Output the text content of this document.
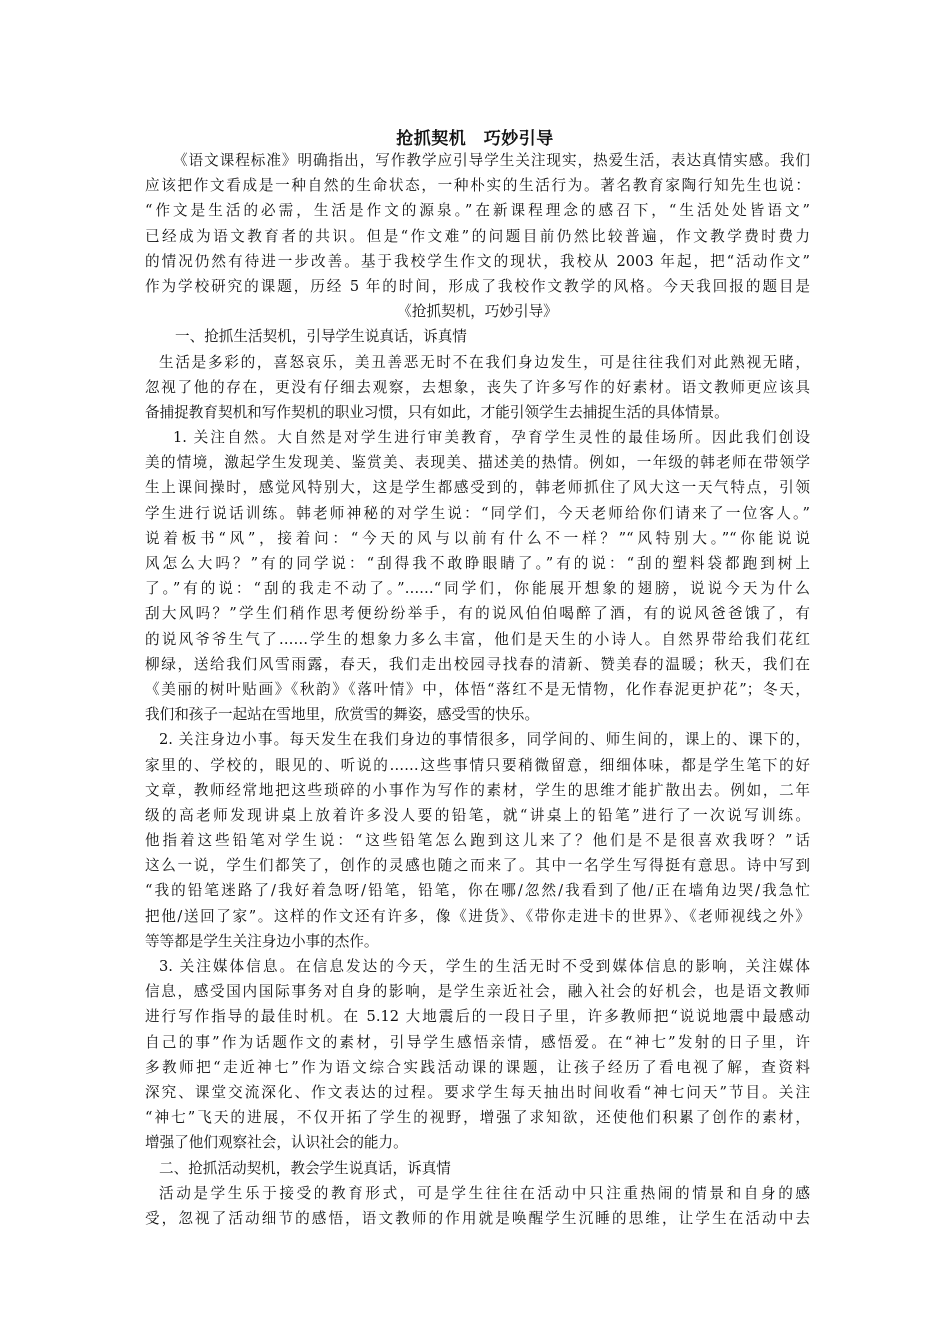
抢抓契机　巧妙引导
《语文课程标准》明确指出，写作教学应引导学生关注现实，热爱生活，表达真情实感。我们
应该把作文看成是一种自然的生命状态，一种朴实的生活行为。著名教育家陶行知先生也说：
“作文是生活的必需，生活是作文的源泉。”在新课程理念的感召下，“生活处处皆语文”
已经成为语文教育者的共识。但是“作文难”的问题目前仍然比较普遍，作文教学费时费力
的情况仍然有待进一步改善。基于我校学生作文的现状，我校从 2003 年起，把“活动作文”
作为学校研究的课题，历经 5 年的时间，形成了我校作文教学的风格。今天我回报的题目是
《抢抓契机，巧妙引导》
一、抢抓生活契机，引导学生说真话，诉真情
生活是多彩的，喜怒哀乐，美丑善恶无时不在我们身边发生，可是往往我们对此熟视无睹，
忽视了他的存在，更没有仔细去观察，去想象，丧失了许多写作的好素材。语文教师更应该具
备捕捉教育契机和写作契机的职业习惯，只有如此，才能引领学生去捕捉生活的具体情景。
1. 关注自然。大自然是对学生进行审美教育，孕育学生灵性的最佳场所。因此我们创设
美的情境，激起学生发现美、鉴赏美、表现美、描述美的热情。例如，一年级的韩老师在带领学
生上课间操时，感觉风特别大，这是学生都感受到的，韩老师抓住了风大这一天气特点，引领
学生进行说话训练。韩老师神秘的对学生说：“同学们，今天老师给你们请来了一位客人。”
说着板书“风”，接着问：“今天的风与以前有什么不一样？”“风特别大。”“你能说说
风怎么大吗？”有的同学说：“刮得我不敢睁眼睛了。”有的说：“刮的塑料袋都跑到树上
了。”有的说：“刮的我走不动了。”……“同学们，你能展开想象的翅膀，说说今天为什么
刮大风吗？”学生们稍作思考便纷纷举手，有的说风伯伯喝醉了酒，有的说风爸爸饿了，有
的说风爷爷生气了……学生的想象力多么丰富，他们是天生的小诗人。自然界带给我们花红
柳绿，送给我们风雪雨露，春天，我们走出校园寻找春的清新、赞美春的温暖；秋天，我们在
《美丽的树叶贴画》《秋韵》《落叶情》中，体悟“落红不是无情物，化作春泥更护花”；冬天，
我们和孩子一起站在雪地里，欣赏雪的舞姿，感受雪的快乐。
2. 关注身边小事。每天发生在我们身边的事情很多，同学间的、师生间的，课上的、课下的，
家里的、学校的，眼见的、听说的……这些事情只要稍微留意，细细体味，都是学生笔下的好
文章，教师经常地把这些琐碎的小事作为写作的素材，学生的思维才能扩散出去。例如，二年
级的高老师发现讲桌上放着许多没人要的铅笔，就“讲桌上的铅笔”进行了一次说写训练。
他指着这些铅笔对学生说：“这些铅笔怎么跑到这儿来了？他们是不是很喜欢我呀？”话
这么一说，学生们都笑了，创作的灵感也随之而来了。其中一名学生写得挺有意思。诗中写到
“我的铅笔迷路了/我好着急呀/铅笔，铅笔，你在哪/忽然/我看到了他/正在墙角边哭/我急忙
把他/送回了家”。这样的作文还有许多，像《进货》、《带你走进卡的世界》、《老师视线之外》
等等都是学生关注身边小事的杰作。
3. 关注媒体信息。在信息发达的今天，学生的生活无时不受到媒体信息的影响，关注媒体
信息，感受国内国际事务对自身的影响，是学生亲近社会，融入社会的好机会，也是语文教师
进行写作指导的最佳时机。在 5.12 大地震后的一段日子里，许多教师把“说说地震中最感动
自己的事”作为话题作文的素材，引导学生感悟亲情，感悟爱。在“神七”发射的日子里，许
多教师把“走近神七”作为语文综合实践活动课的课题，让孩子经历了看电视了解，查资料
深究、课堂交流深化、作文表达的过程。要求学生每天抽出时间收看“神七问天”节目。关注
“神七”飞天的进展，不仅开拓了学生的视野，增强了求知欲，还使他们积累了创作的素材，
增强了他们观察社会，认识社会的能力。
二、抢抓活动契机，教会学生说真话，诉真情
活动是学生乐于接受的教育形式，可是学生往往在活动中只注重热闹的情景和自身的感
受，忽视了活动细节的感悟，语文教师的作用就是唤醒学生沉睡的思维，让学生在活动中去
